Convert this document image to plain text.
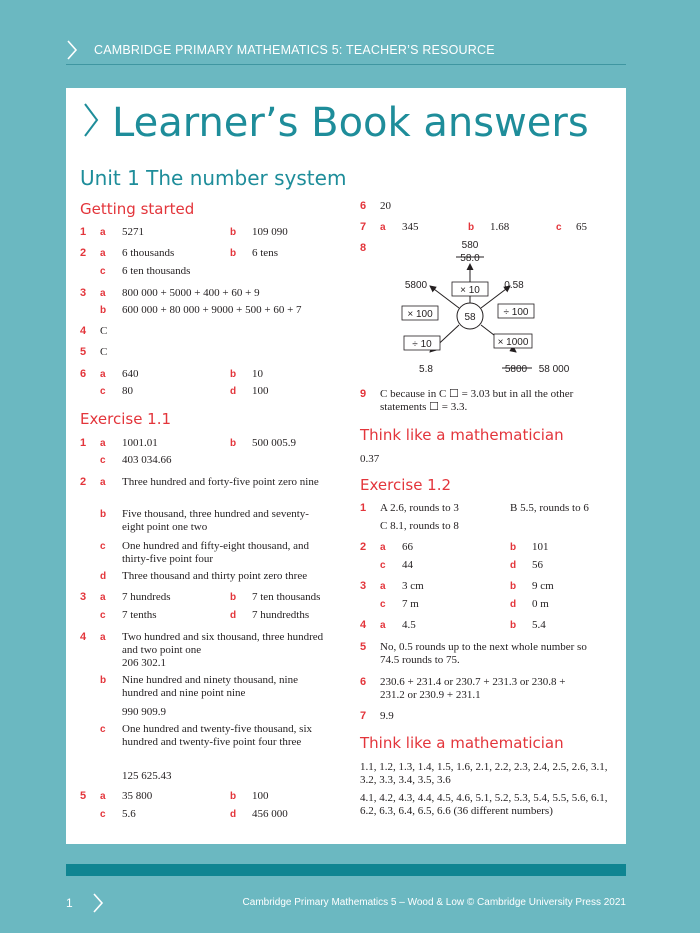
CAMBRIDGE PRIMARY MATHEMATICS 5: TEACHER’S RESOURCE
Learner’s Book answers
Unit 1 The number system
Getting started
1 a 5271	b 109 090
2 a 6 thousands	b 6 tens
c 6 ten thousands
3 a 800 000 + 5000 + 400 + 60 + 9
b 600 000 + 80 000 + 9000 + 500 + 60 + 7
4 C
5 C
6 a 640	b 10
c 80	d 100
Exercise 1.1
1 a 1001.01	b 500 005.9
c 403 034.66
2 a Three hundred and forty-five point zero nine
b Five thousand, three hundred and seventy-eight point one two
c One hundred and fifty-eight thousand, and thirty-five point four
d Three thousand and thirty point zero three
3 a 7 hundreds	b 7 ten thousands
c 7 tenths	d 7 hundredths
4 a Two hundred and six thousand, three hundred and two point one
206 302.1
b Nine hundred and ninety thousand, nine hundred and nine point nine
990 909.9
c One hundred and twenty-five thousand, six hundred and twenty-five point four three
125 625.43
5 a 35 800	b 100
c 5.6	d 456 000
6 20
7 a 345	b 1.68	c 65
8
58
580
58.0
× 10
5800
× 100
0.58
÷ 100
÷ 10
5.8
× 1000
5800 58 000
9 C because in C ☐ = 3.03 but in all the other statements ☐ = 3.3.
Think like a mathematician
0.37
Exercise 1.2
1 A 2.6, rounds to 3	B 5.5, rounds to 6
C 8.1, rounds to 8
2 a 66	b 101
c 44	d 56
3 a 3 cm	b 9 cm
c 7 m	d 0 m
4 a 4.5	b 5.4
5 No, 0.5 rounds up to the next whole number so 74.5 rounds to 75.
6 230.6 + 231.4 or 230.7 + 231.3 or 230.8 + 231.2 or 230.9 + 231.1
7 9.9
Think like a mathematician
1.1, 1.2, 1.3, 1.4, 1.5, 1.6, 2.1, 2.2, 2.3, 2.4, 2.5, 2.6, 3.1, 3.2, 3.3, 3.4, 3.5, 3.6
4.1, 4.2, 4.3, 4.4, 4.5, 4.6, 5.1, 5.2, 5.3, 5.4, 5.5, 5.6, 6.1, 6.2, 6.3, 6.4, 6.5, 6.6 (36 different numbers)
1	Cambridge Primary Mathematics 5 – Wood & Low © Cambridge University Press 2021
